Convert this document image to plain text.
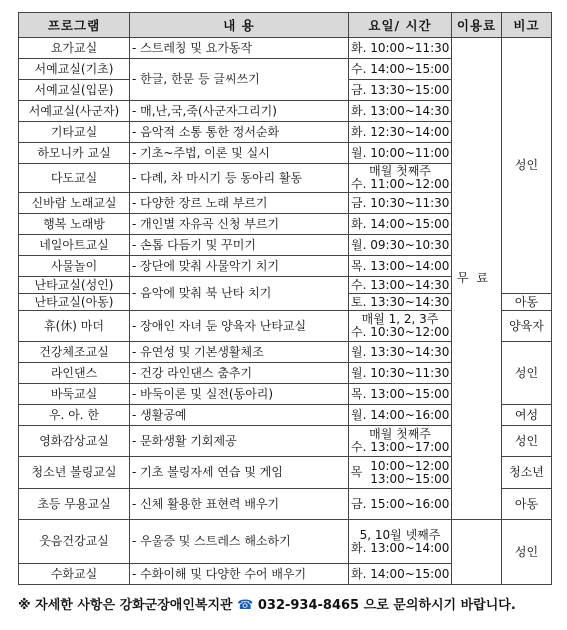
프로그램	내 용	요일/ 시간	이용료	비고
요가교실	- 스트레칭 및 요가동작	화. 10:00~11:30	무료	성인
서예교실(기초)	- 한글, 한문 등 글씨쓰기	수. 14:00~15:00		

서예교실(입문)		금. 13:30~15:00		

서예교실(사군자)	- 매,난,국,죽(사군자그리기)	화. 13:00~14:30		

기타교실	- 음악적 소통 통한 정서순화	화. 12:30~14:00		

하모니카 교실	- 기초~주법, 이론 및 실시	월. 10:00~11:00		

다도교실	- 다례, 차 마시기 등 동아리 활동	매월 첫째주
수. 11:00~12:00		

신바람 노래교실	- 다양한 장르 노래 부르기	금. 10:30~11:30		

행복 노래방	- 개인별 자유곡 신청 부르기	화. 14:00~15:00		

네일아트교실	- 손톱 다듬기 및 꾸미기	월. 09:30~10:30		

사물놀이	- 장단에 맞춰 사물악기 치기	목. 13:00~14:00		

난타교실(성인)	- 음악에 맞춰 북 난타 치기	수. 13:00~14:30		

난타교실(아동)		토. 13:30~14:30		아동
휴(休) 마더	- 장애인 자녀 둔 양육자 난타교실	매월 1, 2, 3주
수. 10:30~12:00		양육자
건강체조교실	- 유연성 및 기본생활체조	월. 13:30~14:30		성인
라인댄스	- 건강 라인댄스 춤추기	월. 10:30~11:30		

바둑교실	- 바둑이론 및 실전(동아리)	목. 13:00~15:00		

우. 아. 한	- 생활공예	월. 14:00~16:00		여성
영화감상교실	- 문화생활 기회제공	매월 첫째주
수. 13:00~17:00		성인
청소년 볼링교실	- 기초 볼링자세 연습 및 게임	목 10:00~12:00
13:00~15:00		청소년
초등 무용교실	- 신체 활용한 표현력 배우기	금. 15:00~16:00		아동
웃음건강교실	- 우울증 및 스트레스 해소하기	5, 10월 넷째주
화. 13:00~14:00		성인
수화교실	- 수화이해 및 다양한 수어 배우기	화. 14:00~15:00		
※ 자세한 사항은 강화군장애인복지관 ☎ 032-934-8465 으로 문의하시기 바랍니다.
